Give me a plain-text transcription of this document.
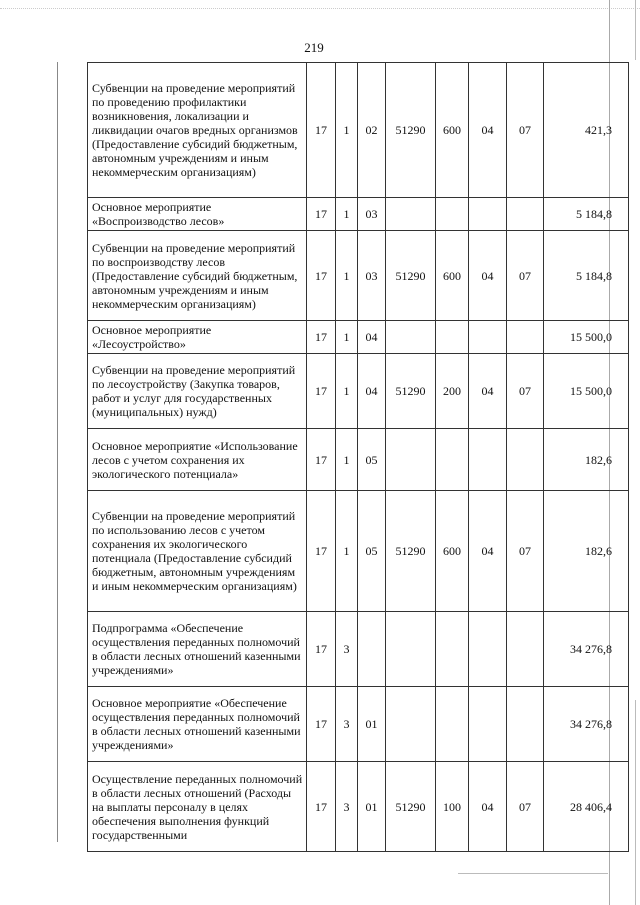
219
Субвенции на проведение мероприятий по проведению профилактики возникновения, локализации и ликвидации очагов вредных организмов (Предоставление субсидий бюджетным, автономным учреждениям и иным некоммерческим организациям)	17	1	02	51290	600	04	07	421,3
Основное мероприятие «Воспроизводство лесов»	17	1	03					5 184,8
Субвенции на проведение мероприятий по воспроизводству лесов (Предоставление субсидий бюджетным, автономным учреждениям и иным некоммерческим организациям)	17	1	03	51290	600	04	07	5 184,8
Основное мероприятие «Лесоустройство»	17	1	04					15 500,0
Субвенции на проведение мероприятий по лесоустройству (Закупка товаров, работ и услуг для государственных (муниципальных) нужд)	17	1	04	51290	200	04	07	15 500,0
Основное мероприятие «Использование лесов с учетом сохранения их экологического потенциала»	17	1	05					182,6
Субвенции на проведение мероприятий по использованию лесов с учетом сохранения их экологического потенциала (Предоставление субсидий бюджетным, автономным учреждениям и иным некоммерческим организациям)	17	1	05	51290	600	04	07	182,6
Подпрограмма «Обеспечение осуществления переданных полномочий в области лесных отношений казенными учреждениями»	17	3						34 276,8
Основное мероприятие «Обеспечение осуществления переданных полномочий в области лесных отношений казенными учреждениями»	17	3	01					34 276,8
Осуществление переданных полномочий в области лесных отношений (Расходы на выплаты персоналу в целях обеспечения выполнения функций государственными	17	3	01	51290	100	04	07	28 406,4
